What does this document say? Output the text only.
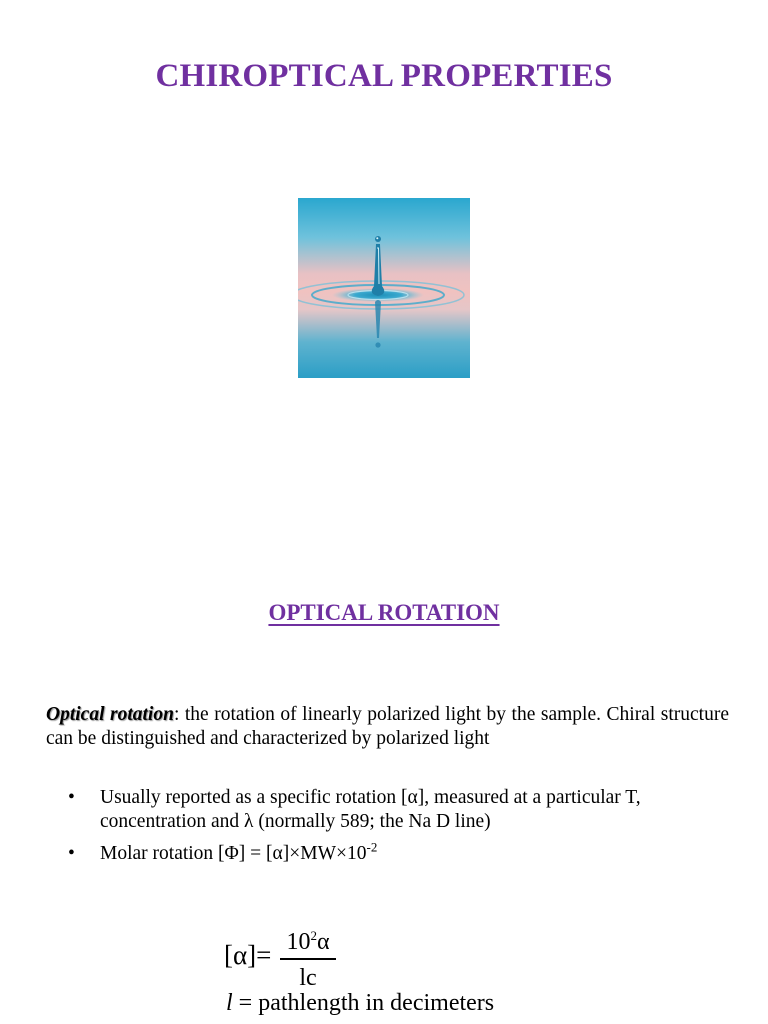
CHIROPTICAL PROPERTIES
OPTICAL ROTATION
Optical rotation: the rotation of linearly polarized light by the sample. Chiral structure can be distinguished and characterized by polarized light
• Usually reported as a specific rotation [α], measured at a particular T, concentration and λ (normally 589; the Na D line)
• Molar rotation $[\Phi] = [\alpha]\times MW\times 10^{-2}$
$[\alpha]= 10^2\alpha$
lc
l = pathlength in decimeters
